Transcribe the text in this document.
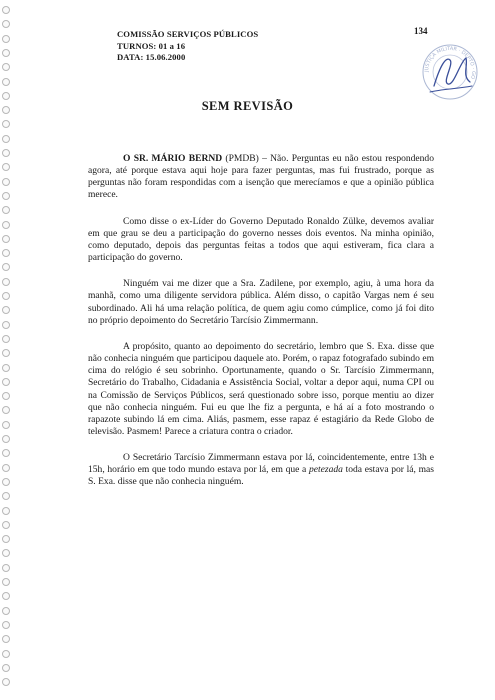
COMISSÃO SERVIÇOS PÚBLICOS
TURNOS: 01 a 16
DATA: 15.06.2000
134
JUSTIÇA MILITAR · DEPTO · GO
SEM REVISÃO

O SR. MÁRIO BERND (PMDB) – Não. Perguntas eu não estou respondendo agora, até porque estava aqui hoje para fazer perguntas, mas fui frustrado, porque as perguntas não foram respondidas com a isenção que merecíamos e que a opinião pública merece.

Como disse o ex-Líder do Governo Deputado Ronaldo Zülke, devemos avaliar em que grau se deu a participação do governo nesses dois eventos. Na minha opinião, como deputado, depois das perguntas feitas a todos que aqui estiveram, fica clara a participação do governo.

Ninguém vai me dizer que a Sra. Zadilene, por exemplo, agiu, à uma hora da manhã, como uma diligente servidora pública. Além disso, o capitão Vargas nem é seu subordinado. Ali há uma relação política, de quem agiu como cúmplice, como já foi dito no próprio depoimento do Secretário Tarcísio Zimmermann.

A propósito, quanto ao depoimento do secretário, lembro que S. Exa. disse que não conhecia ninguém que participou daquele ato. Porém, o rapaz fotografado subindo em cima do relógio é seu sobrinho. Oportunamente, quando o Sr. Tarcísio Zimmermann, Secretário do Trabalho, Cidadania e Assistência Social, voltar a depor aqui, numa CPI ou na Comissão de Serviços Públicos, será questionado sobre isso, porque mentiu ao dizer que não conhecia ninguém. Fui eu que lhe fiz a pergunta, e há aí a foto mostrando o rapazote subindo lá em cima. Aliás, pasmem, esse rapaz é estagiário da Rede Globo de televisão. Pasmem! Parece a criatura contra o criador.

O Secretário Tarcísio Zimmermann estava por lá, coincidentemente, entre 13h e 15h, horário em que todo mundo estava por lá, em que a petezada toda estava por lá, mas S. Exa. disse que não conhecia ninguém.
